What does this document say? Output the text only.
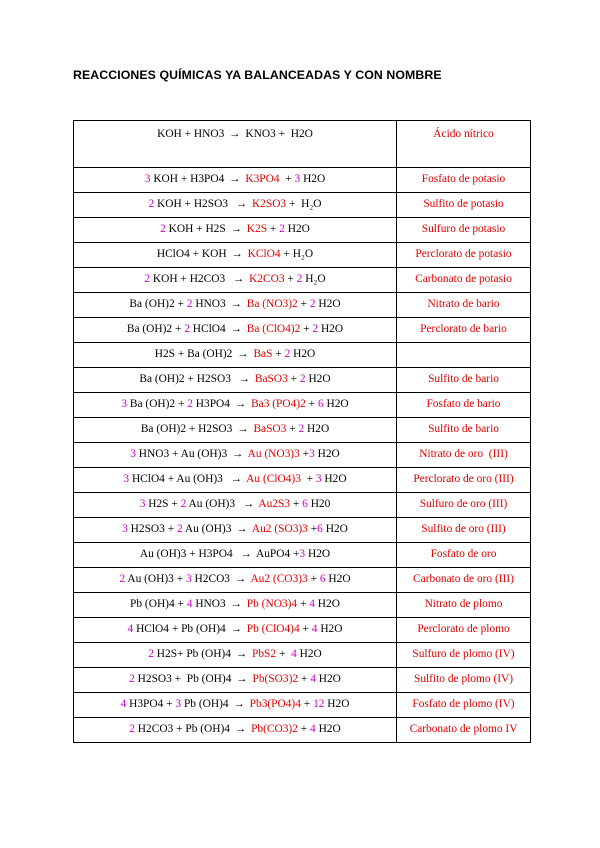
REACCIONES QUÍMICAS YA BALANCEADAS Y CON NOMBRE
KOH + HNO3 → KNO3 +  H2O	Ácido nítrico
3 KOH + H3PO4 → K3PO4  + 3 H2O	Fosfato de potasio
2 KOH + H2SO3  → K2SO3 +  H₂O	Sulfito de potasio
2 KOH + H2S → K2S + 2 H2O	Sulfuro de potasio
HClO4 + KOH → KClO4 + H₂O	Perclorato de potasio
2 KOH + H2CO3  → K2CO3 + 2 H₂O	Carbonato de potasio
Ba (OH)2 + 2 HNO3 → Ba (NO3)2 + 2 H2O	Nitrato de bario
Ba (OH)2 + 2 HClO4 → Ba (ClO4)2 + 2 H2O	Perclorato de bario
H2S + Ba (OH)2 → BaS + 2 H2O	
Ba (OH)2 + H2SO3  → BaSO3 + 2 H2O	Sulfito de bario
3 Ba (OH)2 + 2 H3PO4 → Ba3 (PO4)2 + 6 H2O	Fosfato de bario
Ba (OH)2 + H2SO3 → BaSO3 + 2 H2O	Sulfito de bario
3 HNO3 + Au (OH)3 → Au (NO3)3 +3 H2O	Nitrato de oro  (III)
3 HClO4 + Au (OH)3  → Au (ClO4)3  + 3 H2O	Perclorato de oro (III)
3 H2S + 2 Au (OH)3  → Au2S3 + 6 H20	Sulfuro de oro (III)
3 H2SO3 + 2 Au (OH)3 → Au2 (SO3)3 +6 H2O	Sulfito de oro (III)
Au (OH)3 + H3PO4  → AuPO4 +3 H2O	Fosfato de oro
2 Au (OH)3 + 3 H2CO3 → Au2 (CO3)3 + 6 H2O	Carbonato de oro (III)
Pb (OH)4 + 4 HNO3 → Pb (NO3)4 + 4 H2O	Nitrato de plomo
4 HClO4 + Pb (OH)4 → Pb (ClO4)4 + 4 H2O	Perclorato de plomo
2 H2S+ Pb (OH)4 → PbS2 +  4 H2O	Sulfuro de plomo (IV)
2 H2SO3 +  Pb (OH)4 → Pb(SO3)2 + 4 H2O	Sulfito de plomo (IV)
4 H3PO4 + 3 Pb (OH)4 → Pb3(PO4)4 + 12 H2O	Fosfato de plomo (IV)
2 H2CO3 + Pb (OH)4 → Pb(CO3)2 + 4 H2O	Carbonato de plomo IV
